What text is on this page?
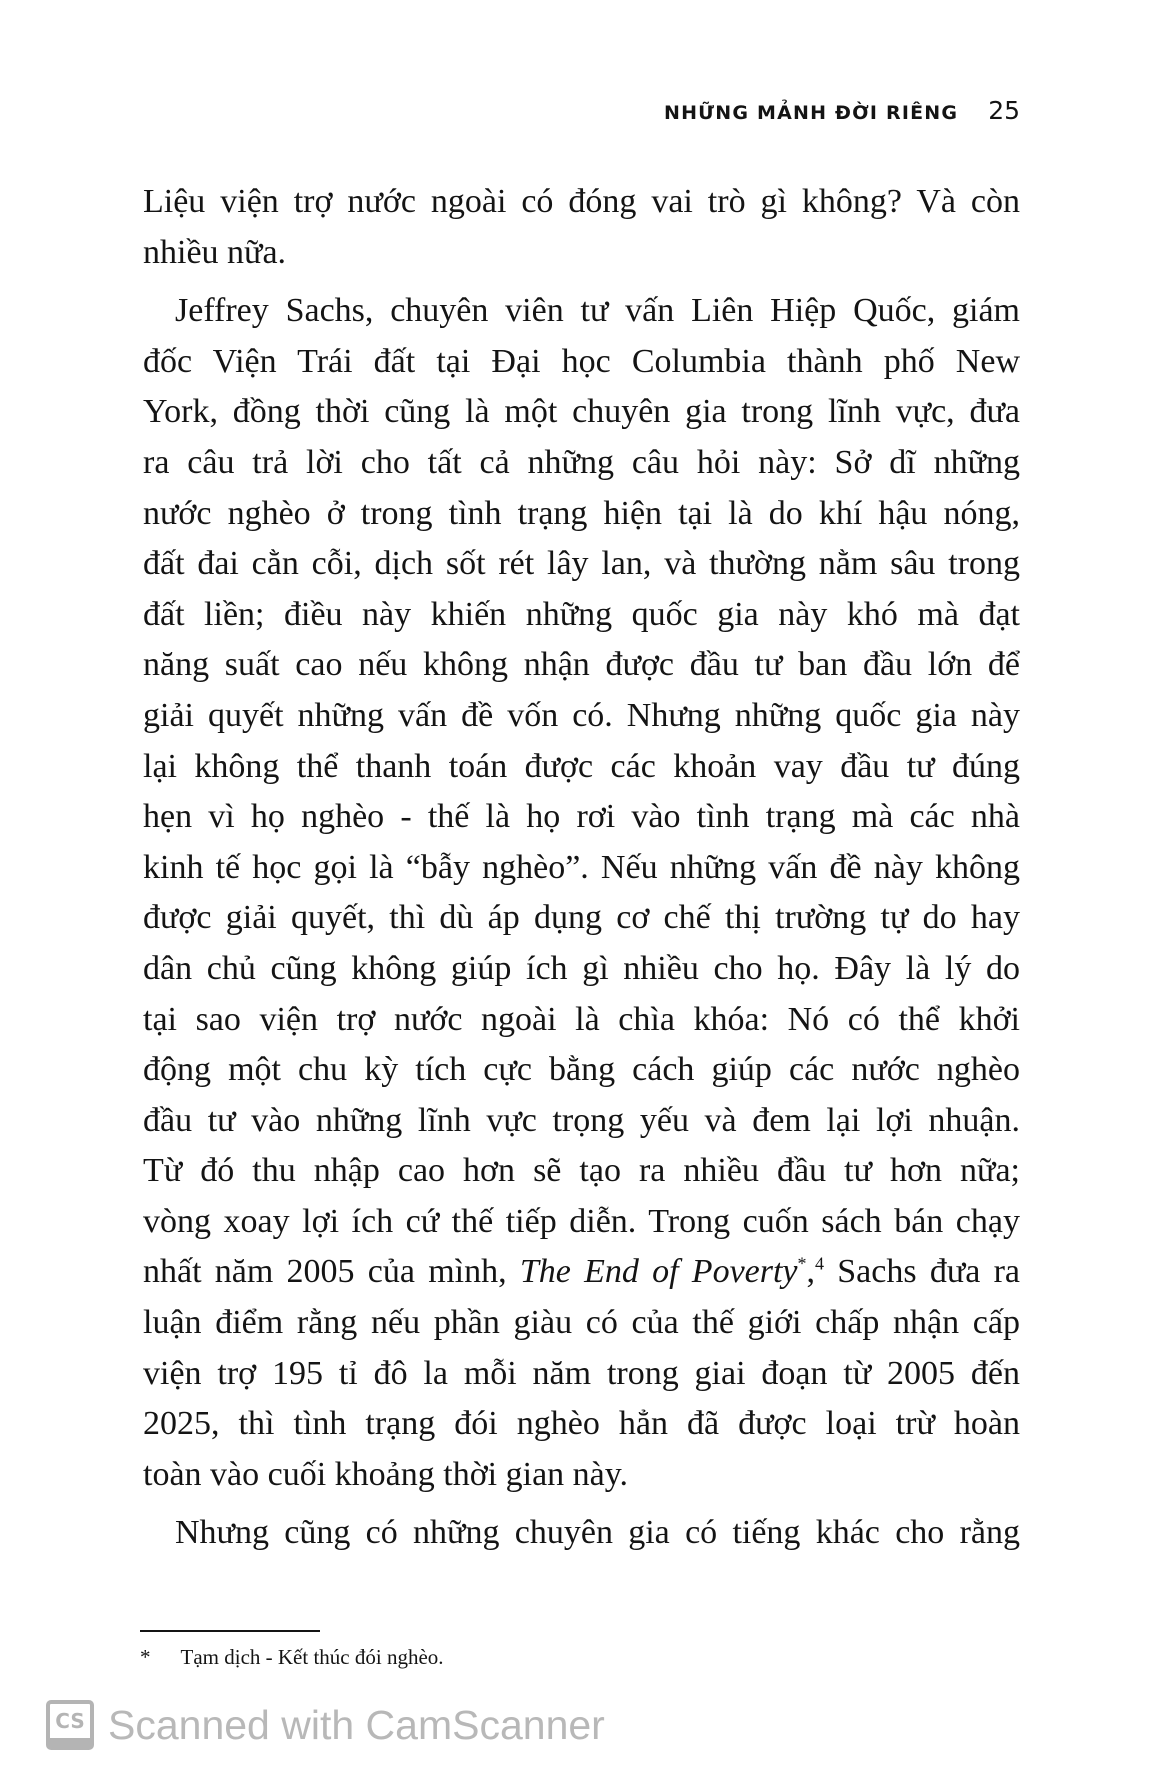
NHỮNG MẢNH ĐỜI RIÊNG 25
Liệu viện trợ nước ngoài có đóng vai trò gì không? Và còn
nhiều nữa.
Jeffrey Sachs, chuyên viên tư vấn Liên Hiệp Quốc, giám
đốc Viện Trái đất tại Đại học Columbia thành phố New
York, đồng thời cũng là một chuyên gia trong lĩnh vực, đưa
ra câu trả lời cho tất cả những câu hỏi này: Sở dĩ những
nước nghèo ở trong tình trạng hiện tại là do khí hậu nóng,
đất đai cằn cỗi, dịch sốt rét lây lan, và thường nằm sâu trong
đất liền; điều này khiến những quốc gia này khó mà đạt
năng suất cao nếu không nhận được đầu tư ban đầu lớn để
giải quyết những vấn đề vốn có. Nhưng những quốc gia này
lại không thể thanh toán được các khoản vay đầu tư đúng
hẹn vì họ nghèo - thế là họ rơi vào tình trạng mà các nhà
kinh tế học gọi là “bẫy nghèo”. Nếu những vấn đề này không
được giải quyết, thì dù áp dụng cơ chế thị trường tự do hay
dân chủ cũng không giúp ích gì nhiều cho họ. Đây là lý do
tại sao viện trợ nước ngoài là chìa khóa: Nó có thể khởi
động một chu kỳ tích cực bằng cách giúp các nước nghèo
đầu tư vào những lĩnh vực trọng yếu và đem lại lợi nhuận.
Từ đó thu nhập cao hơn sẽ tạo ra nhiều đầu tư hơn nữa;
vòng xoay lợi ích cứ thế tiếp diễn. Trong cuốn sách bán chạy
nhất năm 2005 của mình, The End of Poverty*,$^4$ Sachs đưa ra
luận điểm rằng nếu phần giàu có của thế giới chấp nhận cấp
viện trợ 195 tỉ đô la mỗi năm trong giai đoạn từ 2005 đến
2025, thì tình trạng đói nghèo hẳn đã được loại trừ hoàn
toàn vào cuối khoảng thời gian này.
Nhưng cũng có những chuyên gia có tiếng khác cho rằng
* Tạm dịch - Kết thúc đói nghèo.
CS Scanned with CamScanner
